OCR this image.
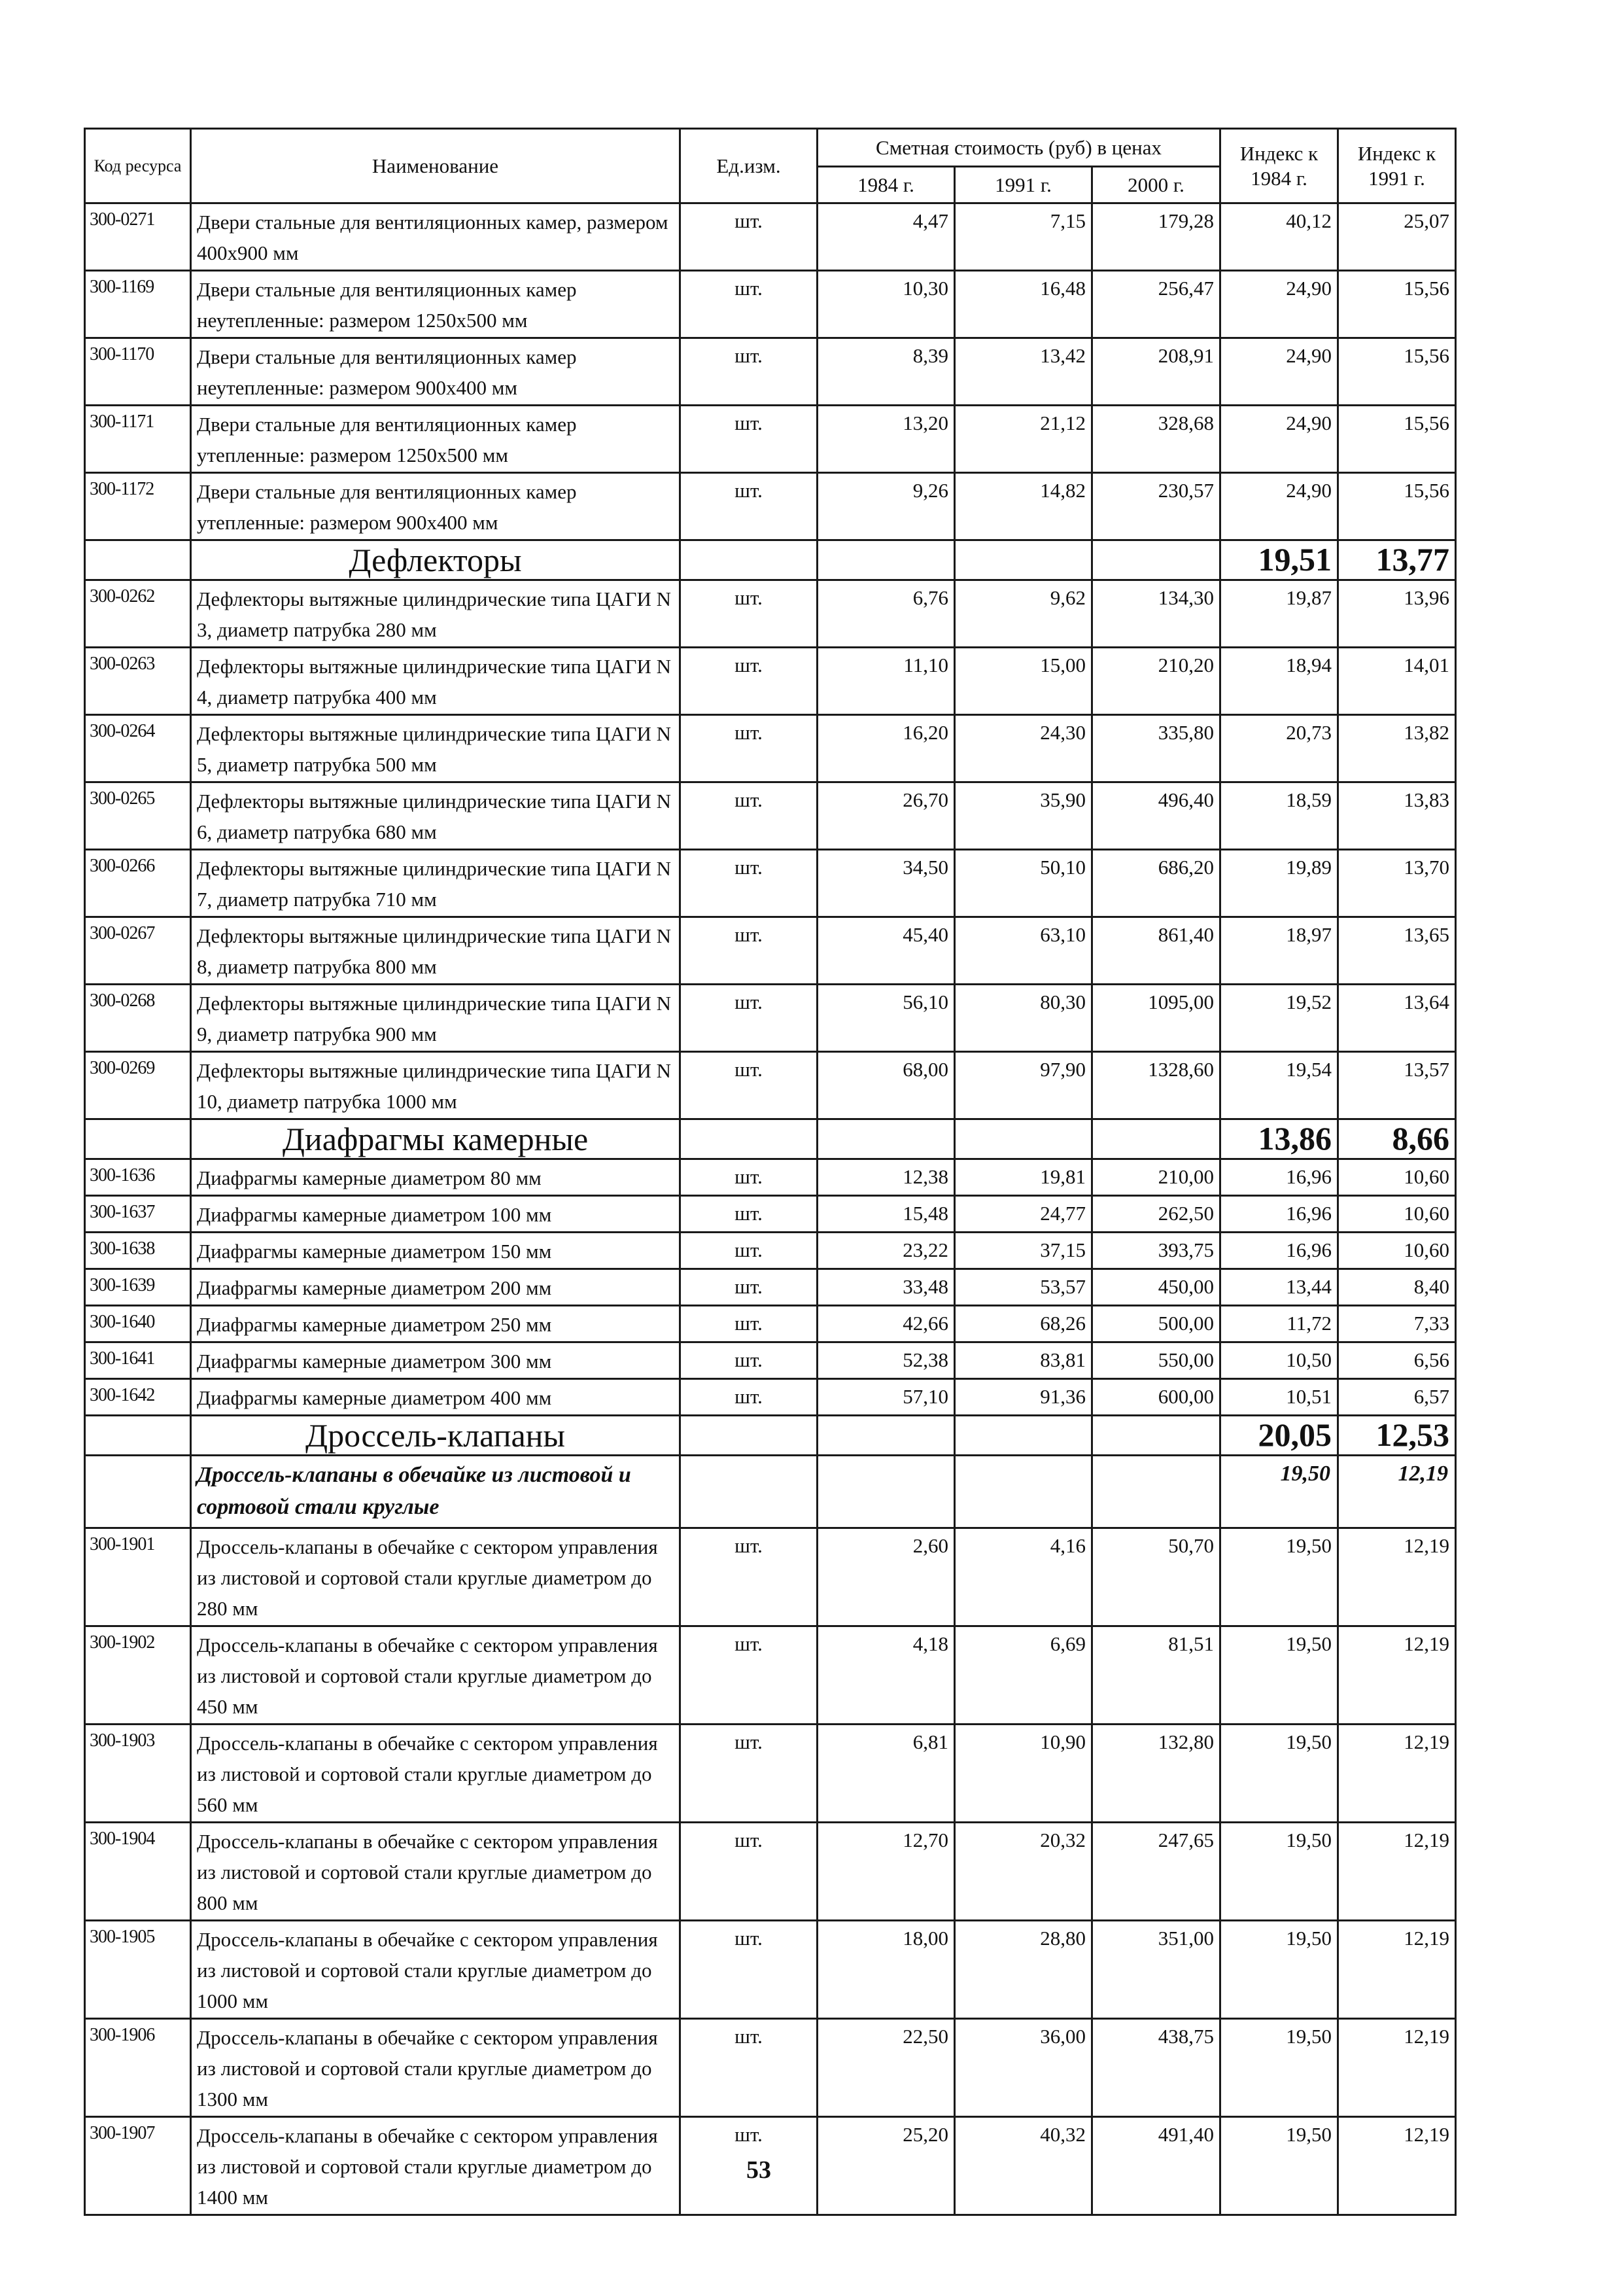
Код ресурса	Наименование	Ед.изм.	Сметная стоимость (руб) в ценах			Индекс к 1984 г.	Индекс к 1991 г.
			1984 г.	1991 г.	2000 г.		
300-0271	Двери стальные для вентиляционных камер, размером 400х900 мм	шт.	4,47	7,15	179,28	40,12	25,07
300-1169	Двери стальные для вентиляционных камер неутепленные: размером 1250х500 мм	шт.	10,30	16,48	256,47	24,90	15,56
300-1170	Двери стальные для вентиляционных камер неутепленные: размером 900х400 мм	шт.	8,39	13,42	208,91	24,90	15,56
300-1171	Двери стальные для вентиляционных камер утепленные: размером 1250х500 мм	шт.	13,20	21,12	328,68	24,90	15,56
300-1172	Двери стальные для вентиляционных камер утепленные: размером 900х400 мм	шт.	9,26	14,82	230,57	24,90	15,56
	Дефлекторы					19,51	13,77
300-0262	Дефлекторы вытяжные цилиндрические типа ЦАГИ N 3, диаметр патрубка 280 мм	шт.	6,76	9,62	134,30	19,87	13,96
300-0263	Дефлекторы вытяжные цилиндрические типа ЦАГИ N 4, диаметр патрубка 400 мм	шт.	11,10	15,00	210,20	18,94	14,01
300-0264	Дефлекторы вытяжные цилиндрические типа ЦАГИ N 5, диаметр патрубка 500 мм	шт.	16,20	24,30	335,80	20,73	13,82
300-0265	Дефлекторы вытяжные цилиндрические типа ЦАГИ N 6, диаметр патрубка 680 мм	шт.	26,70	35,90	496,40	18,59	13,83
300-0266	Дефлекторы вытяжные цилиндрические типа ЦАГИ N 7, диаметр патрубка 710 мм	шт.	34,50	50,10	686,20	19,89	13,70
300-0267	Дефлекторы вытяжные цилиндрические типа ЦАГИ N 8, диаметр патрубка 800 мм	шт.	45,40	63,10	861,40	18,97	13,65
300-0268	Дефлекторы вытяжные цилиндрические типа ЦАГИ N 9, диаметр патрубка 900 мм	шт.	56,10	80,30	1095,00	19,52	13,64
300-0269	Дефлекторы вытяжные цилиндрические типа ЦАГИ N 10, диаметр патрубка 1000 мм	шт.	68,00	97,90	1328,60	19,54	13,57
	Диафрагмы камерные					13,86	8,66
300-1636	Диафрагмы камерные диаметром 80 мм	шт.	12,38	19,81	210,00	16,96	10,60
300-1637	Диафрагмы камерные диаметром 100 мм	шт.	15,48	24,77	262,50	16,96	10,60
300-1638	Диафрагмы камерные диаметром 150 мм	шт.	23,22	37,15	393,75	16,96	10,60
300-1639	Диафрагмы камерные диаметром 200 мм	шт.	33,48	53,57	450,00	13,44	8,40
300-1640	Диафрагмы камерные диаметром 250 мм	шт.	42,66	68,26	500,00	11,72	7,33
300-1641	Диафрагмы камерные диаметром 300 мм	шт.	52,38	83,81	550,00	10,50	6,56
300-1642	Диафрагмы камерные диаметром 400 мм	шт.	57,10	91,36	600,00	10,51	6,57
	Дроссель-клапаны					20,05	12,53
	Дроссель-клапаны в обечайке из листовой и сортовой стали круглые					19,50	12,19
300-1901	Дроссель-клапаны в обечайке с сектором управления из листовой и сортовой стали круглые диаметром до 280 мм	шт.	2,60	4,16	50,70	19,50	12,19
300-1902	Дроссель-клапаны в обечайке с сектором управления из листовой и сортовой стали круглые диаметром до 450 мм	шт.	4,18	6,69	81,51	19,50	12,19
300-1903	Дроссель-клапаны в обечайке с сектором управления из листовой и сортовой стали круглые диаметром до 560 мм	шт.	6,81	10,90	132,80	19,50	12,19
300-1904	Дроссель-клапаны в обечайке с сектором управления из листовой и сортовой стали круглые диаметром до 800 мм	шт.	12,70	20,32	247,65	19,50	12,19
300-1905	Дроссель-клапаны в обечайке с сектором управления из листовой и сортовой стали круглые диаметром до 1000 мм	шт.	18,00	28,80	351,00	19,50	12,19
300-1906	Дроссель-клапаны в обечайке с сектором управления из листовой и сортовой стали круглые диаметром до 1300 мм	шт.	22,50	36,00	438,75	19,50	12,19
300-1907	Дроссель-клапаны в обечайке с сектором управления из листовой и сортовой стали круглые диаметром до 1400 мм	шт.	25,20	40,32	491,40	19,50	12,19
53
